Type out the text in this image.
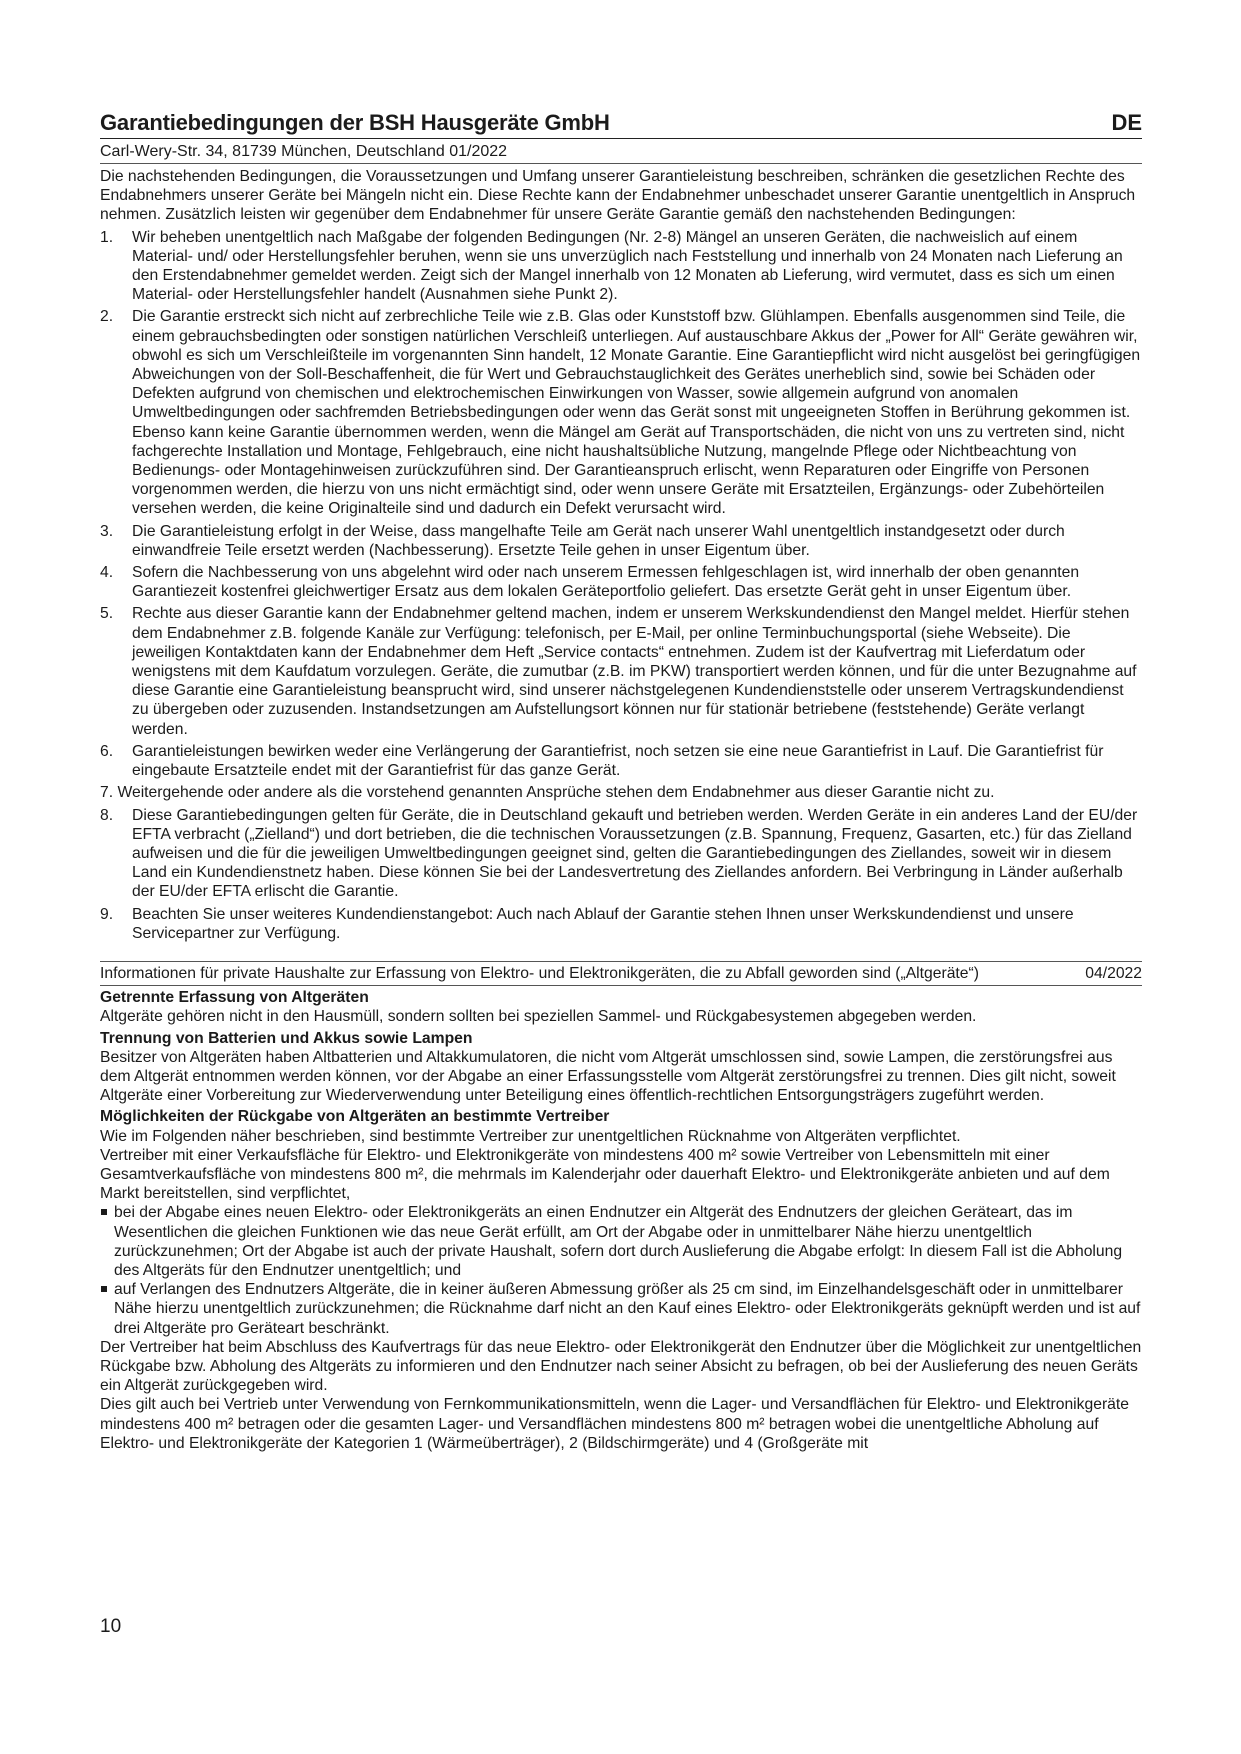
Garantiebedingungen der BSH Hausgeräte GmbH	DE
Carl-Wery-Str. 34, 81739 München, Deutschland 01/2022

Die nachstehenden Bedingungen, die Voraussetzungen und Umfang unserer Garantieleistung beschreiben, schränken die gesetzlichen Rechte des Endabnehmers unserer Geräte bei Mängeln nicht ein. Diese Rechte kann der Endabnehmer unbeschadet unserer Garantie unentgeltlich in Anspruch nehmen. Zusätzlich leisten wir gegenüber dem Endabnehmer für unsere Geräte Garantie gemäß den nachstehenden Bedingungen:

1. Wir beheben unentgeltlich nach Maßgabe der folgenden Bedingungen (Nr. 2-8) Mängel an unseren Geräten, die nachweislich auf einem Material- und/ oder Herstellungsfehler beruhen, wenn sie uns unverzüglich nach Feststellung und innerhalb von 24 Monaten nach Lieferung an den Erstendabnehmer gemeldet werden. Zeigt sich der Mangel innerhalb von 12 Monaten ab Lieferung, wird vermutet, dass es sich um einen Material- oder Herstellungsfehler handelt (Ausnahmen siehe Punkt 2).
2. Die Garantie erstreckt sich nicht auf zerbrechliche Teile wie z.B. Glas oder Kunststoff bzw. Glühlampen. Ebenfalls ausgenommen sind Teile, die einem gebrauchsbedingten oder sonstigen natürlichen Verschleiß unterliegen. Auf austauschbare Akkus der „Power for All“ Geräte gewähren wir, obwohl es sich um Verschleißteile im vorgenannten Sinn handelt, 12 Monate Garantie. Eine Garantiepflicht wird nicht ausgelöst bei geringfügigen Abweichungen von der Soll-Beschaffenheit, die für Wert und Gebrauchstauglichkeit des Gerätes unerheblich sind, sowie bei Schäden oder Defekten aufgrund von chemischen und elektrochemischen Einwirkungen von Wasser, sowie allgemein aufgrund von anomalen Umweltbedingungen oder sachfremden Betriebsbedingungen oder wenn das Gerät sonst mit ungeeigneten Stoffen in Berührung gekommen ist. Ebenso kann keine Garantie übernommen werden, wenn die Mängel am Gerät auf Transportschäden, die nicht von uns zu vertreten sind, nicht fachgerechte Installation und Montage, Fehlgebrauch, eine nicht haushaltsübliche Nutzung, mangelnde Pflege oder Nichtbeachtung von Bedienungs- oder Montagehinweisen zurückzuführen sind. Der Garantieanspruch erlischt, wenn Reparaturen oder Eingriffe von Personen vorgenommen werden, die hierzu von uns nicht ermächtigt sind, oder wenn unsere Geräte mit Ersatzteilen, Ergänzungs- oder Zubehörteilen versehen werden, die keine Originalteile sind und dadurch ein Defekt verursacht wird.
3. Die Garantieleistung erfolgt in der Weise, dass mangelhafte Teile am Gerät nach unserer Wahl unentgeltlich instandgesetzt oder durch einwandfreie Teile ersetzt werden (Nachbesserung). Ersetzte Teile gehen in unser Eigentum über.
4. Sofern die Nachbesserung von uns abgelehnt wird oder nach unserem Ermessen fehlgeschlagen ist, wird innerhalb der oben genannten Garantiezeit kostenfrei gleichwertiger Ersatz aus dem lokalen Geräteportfolio geliefert. Das ersetzte Gerät geht in unser Eigentum über.
5. Rechte aus dieser Garantie kann der Endabnehmer geltend machen, indem er unserem Werkskundendienst den Mangel meldet. Hierfür stehen dem Endabnehmer z.B. folgende Kanäle zur Verfügung: telefonisch, per E-Mail, per online Terminbuchungsportal (siehe Webseite). Die jeweiligen Kontaktdaten kann der Endabnehmer dem Heft „Service contacts“ entnehmen. Zudem ist der Kaufvertrag mit Lieferdatum oder wenigstens mit dem Kaufdatum vorzulegen. Geräte, die zumutbar (z.B. im PKW) transportiert werden können, und für die unter Bezugnahme auf diese Garantie eine Garantieleistung beansprucht wird, sind unserer nächstgelegenen Kundendienststelle oder unserem Vertragskundendienst zu übergeben oder zuzusenden. Instandsetzungen am Aufstellungsort können nur für stationär betriebene (feststehende) Geräte verlangt werden.
6. Garantieleistungen bewirken weder eine Verlängerung der Garantiefrist, noch setzen sie eine neue Garantiefrist in Lauf. Die Garantiefrist für eingebaute Ersatzteile endet mit der Garantiefrist für das ganze Gerät.
7. Weitergehende oder andere als die vorstehend genannten Ansprüche stehen dem Endabnehmer aus dieser Garantie nicht zu.
8. Diese Garantiebedingungen gelten für Geräte, die in Deutschland gekauft und betrieben werden. Werden Geräte in ein anderes Land der EU/der EFTA verbracht („Zielland“) und dort betrieben, die die technischen Voraussetzungen (z.B. Spannung, Frequenz, Gasarten, etc.) für das Zielland aufweisen und die für die jeweiligen Umweltbedingungen geeignet sind, gelten die Garantiebedingungen des Ziellandes, soweit wir in diesem Land ein Kundendienstnetz haben. Diese können Sie bei der Landesvertretung des Ziellandes anfordern. Bei Verbringung in Länder außerhalb der EU/der EFTA erlischt die Garantie.
9. Beachten Sie unser weiteres Kundendienstangebot: Auch nach Ablauf der Garantie stehen Ihnen unser Werkskundendienst und unsere Servicepartner zur Verfügung.
Informationen für private Haushalte zur Erfassung von Elektro- und Elektronikgeräten, die zu Abfall geworden sind („Altgeräte“)	04/2022
Getrennte Erfassung von Altgeräten
Altgeräte gehören nicht in den Hausmüll, sondern sollten bei speziellen Sammel- und Rückgabesystemen abgegeben werden.
Trennung von Batterien und Akkus sowie Lampen
Besitzer von Altgeräten haben Altbatterien und Altakkumulatoren, die nicht vom Altgerät umschlossen sind, sowie Lampen, die zerstörungsfrei aus dem Altgerät entnommen werden können, vor der Abgabe an einer Erfassungsstelle vom Altgerät zerstörungsfrei zu trennen. Dies gilt nicht, soweit Altgeräte einer Vorbereitung zur Wiederverwendung unter Beteiligung eines öffentlich-rechtlichen Entsorgungsträgers zugeführt werden.
Möglichkeiten der Rückgabe von Altgeräten an bestimmte Vertreiber
Wie im Folgenden näher beschrieben, sind bestimmte Vertreiber zur unentgeltlichen Rücknahme von Altgeräten verpflichtet.
Vertreiber mit einer Verkaufsfläche für Elektro- und Elektronikgeräte von mindestens 400 m² sowie Vertreiber von Lebensmitteln mit einer Gesamtverkaufsfläche von mindestens 800 m², die mehrmals im Kalenderjahr oder dauerhaft Elektro- und Elektronikgeräte anbieten und auf dem Markt bereitstellen, sind verpflichtet,
bei der Abgabe eines neuen Elektro- oder Elektronikgeräts an einen Endnutzer ein Altgerät des Endnutzers der gleichen Geräteart, das im Wesentlichen die gleichen Funktionen wie das neue Gerät erfüllt, am Ort der Abgabe oder in unmittelbarer Nähe hierzu unentgeltlich zurückzunehmen; Ort der Abgabe ist auch der private Haushalt, sofern dort durch Auslieferung die Abgabe erfolgt: In diesem Fall ist die Abholung des Altgeräts für den Endnutzer unentgeltlich; und
auf Verlangen des Endnutzers Altgeräte, die in keiner äußeren Abmessung größer als 25 cm sind, im Einzelhandelsgeschäft oder in unmittelbarer Nähe hierzu unentgeltlich zurückzunehmen; die Rücknahme darf nicht an den Kauf eines Elektro- oder Elektronikgeräts geknüpft werden und ist auf drei Altgeräte pro Geräteart beschränkt.
Der Vertreiber hat beim Abschluss des Kaufvertrags für das neue Elektro- oder Elektronikgerät den Endnutzer über die Möglichkeit zur unentgeltlichen Rückgabe bzw. Abholung des Altgeräts zu informieren und den Endnutzer nach seiner Absicht zu befragen, ob bei der Auslieferung des neuen Geräts ein Altgerät zurückgegeben wird.
Dies gilt auch bei Vertrieb unter Verwendung von Fernkommunikationsmitteln, wenn die Lager- und Versandflächen für Elektro- und Elektronikgeräte mindestens 400 m² betragen oder die gesamten Lager- und Versandflächen mindestens 800 m² betragen wobei die unentgeltliche Abholung auf Elektro- und Elektronikgeräte der Kategorien 1 (Wärmeüberträger), 2 (Bildschirmgeräte) und 4 (Großgeräte mit
10
